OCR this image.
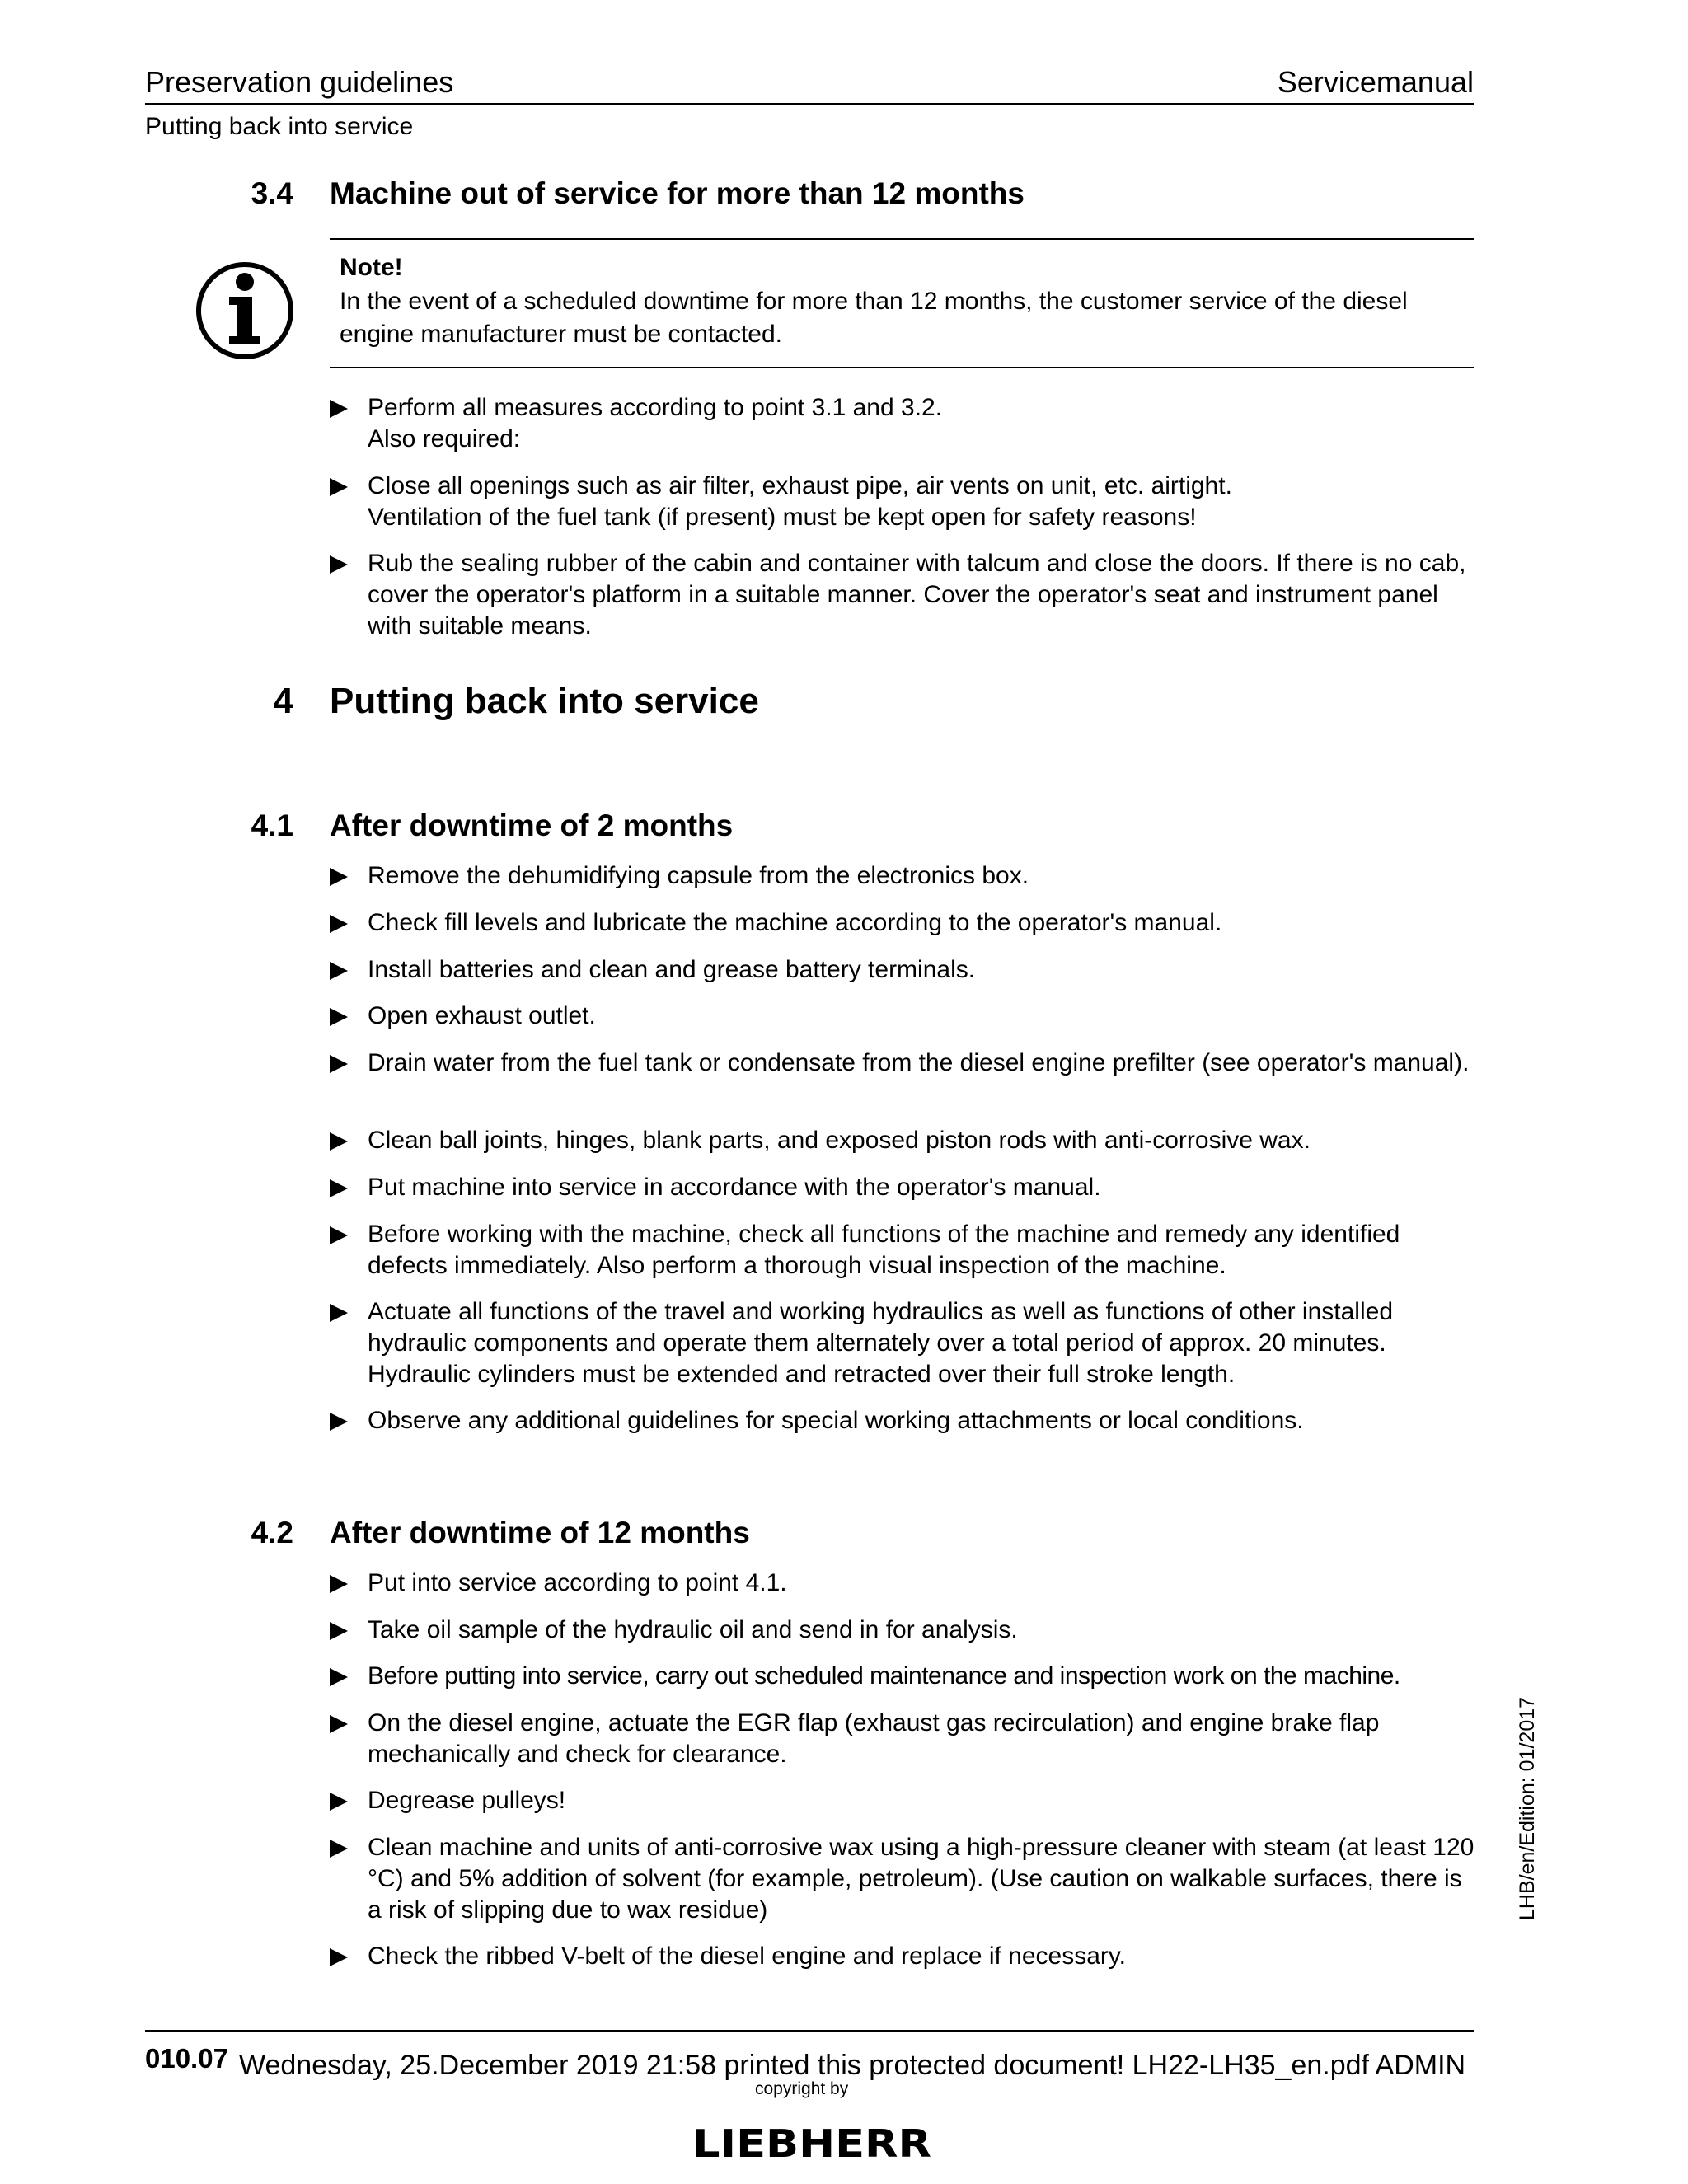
Preservation guidelines	Servicemanual
Putting back into service
3.4 Machine out of service for more than 12 months
Note!
In the event of a scheduled downtime for more than 12 months, the customer service of the diesel engine manufacturer must be contacted.
Perform all measures according to point 3.1 and 3.2.
Also required:
Close all openings such as air filter, exhaust pipe, air vents on unit, etc. airtight.
Ventilation of the fuel tank (if present) must be kept open for safety reasons!
Rub the sealing rubber of the cabin and container with talcum and close the doors. If there is no cab, cover the operator's platform in a suitable manner. Cover the operator's seat and instrument panel with suitable means.
4 Putting back into service
4.1 After downtime of 2 months
Remove the dehumidifying capsule from the electronics box.
Check fill levels and lubricate the machine according to the operator's manual.
Install batteries and clean and grease battery terminals.
Open exhaust outlet.
Drain water from the fuel tank or condensate from the diesel engine prefilter (see operator's manual).
Clean ball joints, hinges, blank parts, and exposed piston rods with anti-corrosive wax.
Put machine into service in accordance with the operator's manual.
Before working with the machine, check all functions of the machine and remedy any identified defects immediately. Also perform a thorough visual inspection of the machine.
Actuate all functions of the travel and working hydraulics as well as functions of other installed hydraulic components and operate them alternately over a total period of approx. 20 minutes. Hydraulic cylinders must be extended and retracted over their full stroke length.
Observe any additional guidelines for special working attachments or local conditions.
4.2 After downtime of 12 months
Put into service according to point 4.1.
Take oil sample of the hydraulic oil and send in for analysis.
Before putting into service, carry out scheduled maintenance and inspection work on the machine.
On the diesel engine, actuate the EGR flap (exhaust gas recirculation) and engine brake flap mechanically and check for clearance.
Degrease pulleys!
Clean machine and units of anti-corrosive wax using a high-pressure cleaner with steam (at least 120 °C) and 5% addition of solvent (for example, petroleum). (Use caution on walkable surfaces, there is a risk of slipping due to wax residue)
Check the ribbed V-belt of the diesel engine and replace if necessary.
LHB/en/Edition: 01/2017
010.07 Wednesday, 25.December 2019 21:58 printed this protected document! LH22-LH35_en.pdf ADMIN
copyright by
LIEBHERR
